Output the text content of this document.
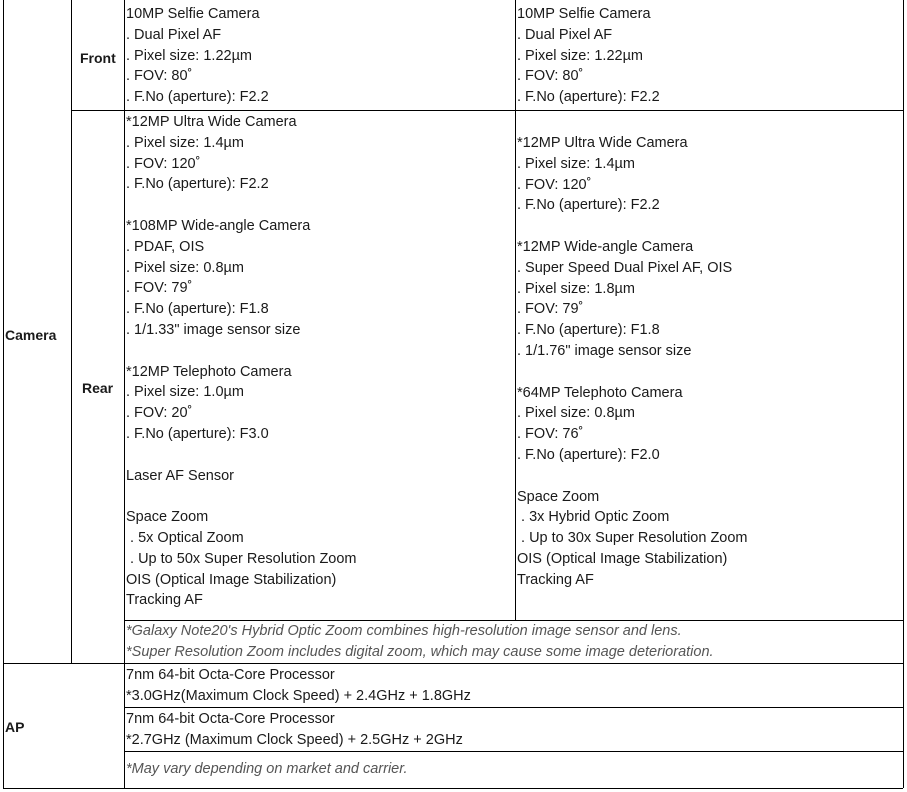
Camera
Front
Rear
AP
10MP Selfie Camera
. Dual Pixel AF
. Pixel size: 1.22µm
. FOV: 80˚
. F.No (aperture): F2.2
10MP Selfie Camera
. Dual Pixel AF
. Pixel size: 1.22µm
. FOV: 80˚
. F.No (aperture): F2.2
*12MP Ultra Wide Camera
. Pixel size: 1.4µm
. FOV: 120˚
. F.No (aperture): F2.2
*108MP Wide-angle Camera
. PDAF, OIS
. Pixel size: 0.8µm
. FOV: 79˚
. F.No (aperture): F1.8
. 1/1.33" image sensor size
*12MP Telephoto Camera
. Pixel size: 1.0µm
. FOV: 20˚
. F.No (aperture): F3.0
Laser AF Sensor
Space Zoom
. 5x Optical Zoom
. Up to 50x Super Resolution Zoom
OIS (Optical Image Stabilization)
Tracking AF
*12MP Ultra Wide Camera
. Pixel size: 1.4µm
. FOV: 120˚
. F.No (aperture): F2.2
*12MP Wide-angle Camera
. Super Speed Dual Pixel AF, OIS
. Pixel size: 1.8µm
. FOV: 79˚
. F.No (aperture): F1.8
. 1/1.76" image sensor size
*64MP Telephoto Camera
. Pixel size: 0.8µm
. FOV: 76˚
. F.No (aperture): F2.0
Space Zoom
. 3x Hybrid Optic Zoom
. Up to 30x Super Resolution Zoom
OIS (Optical Image Stabilization)
Tracking AF
*Galaxy Note20's Hybrid Optic Zoom combines high-resolution image sensor and lens.
*Super Resolution Zoom includes digital zoom, which may cause some image deterioration.
7nm 64-bit Octa-Core Processor
*3.0GHz(Maximum Clock Speed) + 2.4GHz + 1.8GHz
7nm 64-bit Octa-Core Processor
*2.7GHz (Maximum Clock Speed) + 2.5GHz + 2GHz
*May vary depending on market and carrier.
